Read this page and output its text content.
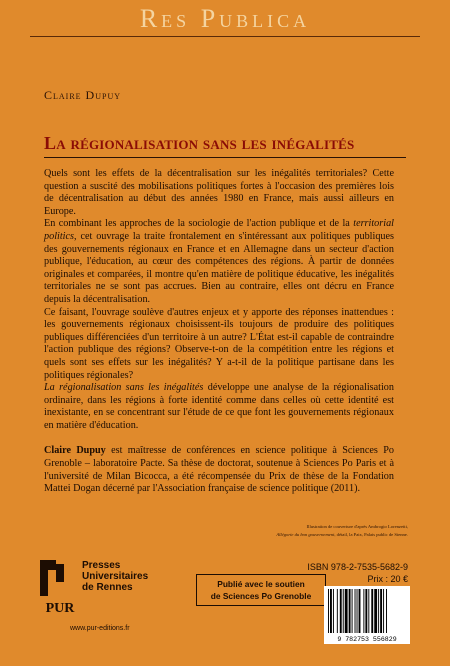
Res Publica
Claire Dupuy
La régionalisation sans les inégalités

Quels sont les effets de la décentralisation sur les inégalités territoriales? Cette question a suscité des mobilisations politiques fortes à l'occasion des premières lois de décentralisation au début des années 1980 en France, mais aussi ailleurs en Europe.

En combinant les approches de la sociologie de l'action publique et de la territorial politics, cet ouvrage la traite frontalement en s'intéressant aux politiques publiques des gouvernements régionaux en France et en Allemagne dans un secteur d'action publique, l'éducation, au cœur des compétences des régions. À partir de données originales et comparées, il montre qu'en matière de politique éducative, les inégalités territoriales ne se sont pas accrues. Bien au contraire, elles ont décru en France depuis la décentralisation.

Ce faisant, l'ouvrage soulève d'autres enjeux et y apporte des réponses inattendues : les gouvernements régionaux choisissent-ils toujours de produire des politiques publiques différenciées d'un territoire à un autre? L'État est-il capable de contraindre l'action publique des régions? Observe-t-on de la compétition entre les régions et quels sont ses effets sur les inégalités? Y a-t-il de la politique partisane dans les politiques régionales?

La régionalisation sans les inégalités développe une analyse de la régionalisation ordinaire, dans les régions à forte identité comme dans celles où cette identité est inexistante, en se concentrant sur l'étude de ce que font les gouvernements régionaux en matière d'éducation.

Claire Dupuy est maîtresse de conférences en science politique à Sciences Po Grenoble – laboratoire Pacte. Sa thèse de doctorat, soutenue à Sciences Po Paris et à l'université de Milan Bicocca, a été récompensée du Prix de thèse de la Fondation Mattei Dogan décerné par l'Association française de science politique (2011).

Illustration de couverture d'après Ambrogio Lorenzetti,
Allégorie du bon gouvernement, détail, la Paix, Palais public de Sienne.
PUR
Presses
Universitaires
de Rennes
www.pur-editions.fr
Publié avec le soutien
de Sciences Po Grenoble
ISBN 978-2-7535-5682-9
Prix : 20 €
9 782753 556829
